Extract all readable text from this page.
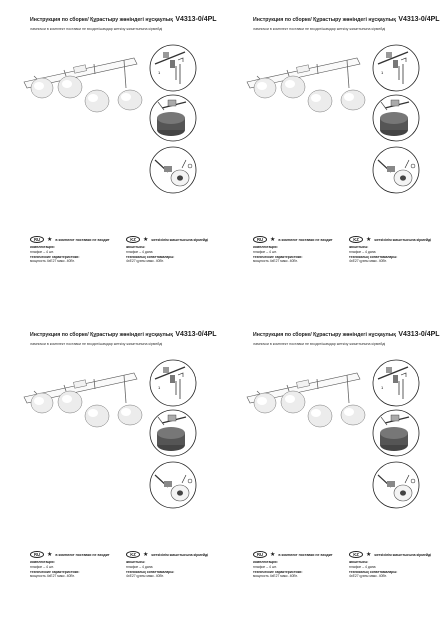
Инструкция по сборке/ Құрастыру жөніндегі нұсқаулық V4313-0/4PL
лампочки в комплект поставки не входят/шамдар жеткізу жиынтығына кірмейді
1
RU	★ в комплект поставки не входит	KZ	★ жеткізілім жиынтығына кірмейді
комплектация:
плафон – 4 шт.
технические характеристики:
мощность 4xE27 макс. 40Вт.
жиынтығы:
плафон – 4 дана
техникалық сипаттамалары:
4xE27 қуаты макс. 40Вт.
Инструкция по сборке/ Құрастыру жөніндегі нұсқаулық V4313-0/4PL
лампочки в комплект поставки не входят/шамдар жеткізу жиынтығына кірмейді
1
RU	★ в комплект поставки не входит	KZ	★ жеткізілім жиынтығына кірмейді
комплектация:
плафон – 4 шт.
технические характеристики:
мощность 4xE27 макс. 40Вт.
жиынтығы:
плафон – 4 дана
техникалық сипаттамалары:
4xE27 қуаты макс. 40Вт.
Инструкция по сборке/ Құрастыру жөніндегі нұсқаулық V4313-0/4PL
лампочки в комплект поставки не входят/шамдар жеткізу жиынтығына кірмейді
1
RU	★ в комплект поставки не входит	KZ	★ жеткізілім жиынтығына кірмейді
комплектация:
плафон – 4 шт.
технические характеристики:
мощность 4xE27 макс. 40Вт.
жиынтығы:
плафон – 4 дана
техникалық сипаттамалары:
4xE27 қуаты макс. 40Вт.
Инструкция по сборке/ Құрастыру жөніндегі нұсқаулық V4313-0/4PL
лампочки в комплект поставки не входят/шамдар жеткізу жиынтығына кірмейді
1
RU	★ в комплект поставки не входит	KZ	★ жеткізілім жиынтығына кірмейді
комплектация:
плафон – 4 шт.
технические характеристики:
мощность 4xE27 макс. 40Вт.
жиынтығы:
плафон – 4 дана
техникалық сипаттамалары:
4xE27 қуаты макс. 40Вт.
